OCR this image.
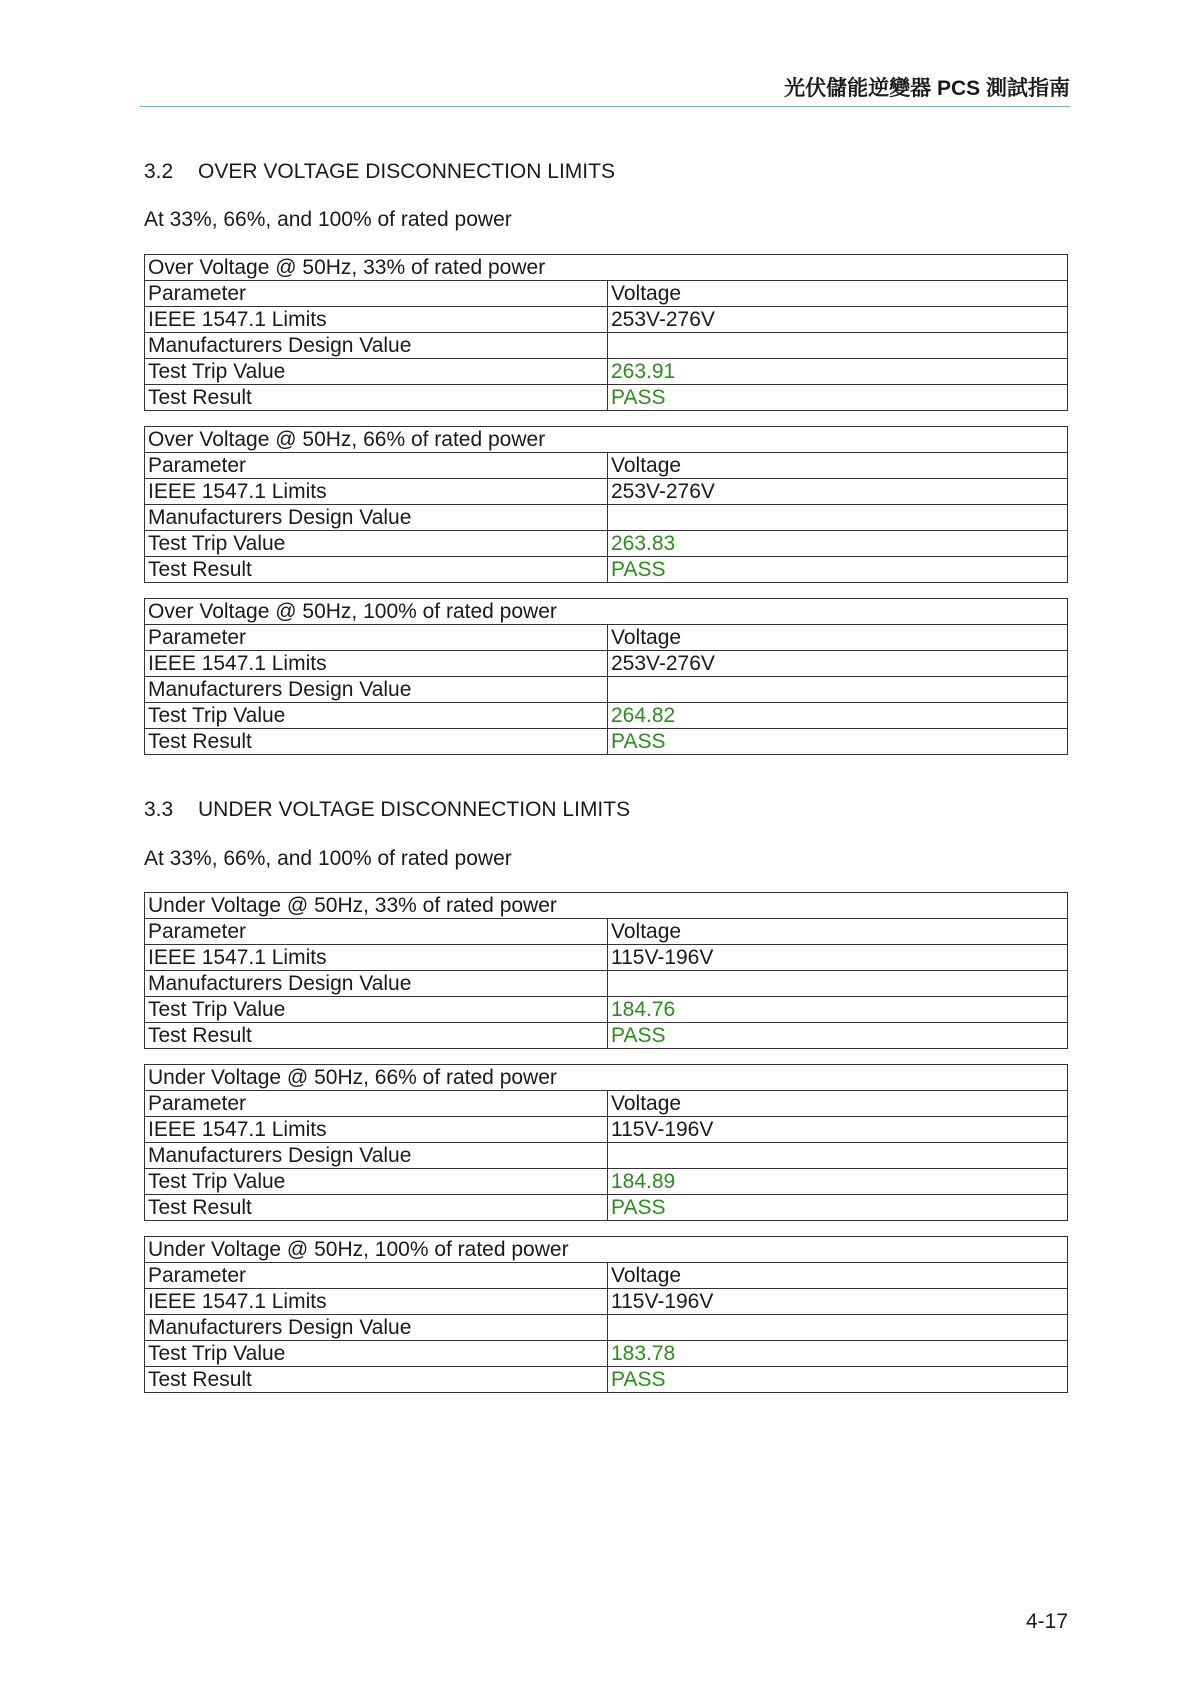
光伏儲能逆變器 PCS 測試指南
3.2 OVER VOLTAGE DISCONNECTION LIMITS
At 33%, 66%, and 100% of rated power
Over Voltage @ 50Hz, 33% of rated power	
Parameter	Voltage
IEEE 1547.1 Limits	253V-276V
Manufacturers Design Value	
Test Trip Value	263.91
Test Result	PASS
Over Voltage @ 50Hz, 66% of rated power	
Parameter	Voltage
IEEE 1547.1 Limits	253V-276V
Manufacturers Design Value	
Test Trip Value	263.83
Test Result	PASS
Over Voltage @ 50Hz, 100% of rated power	
Parameter	Voltage
IEEE 1547.1 Limits	253V-276V
Manufacturers Design Value	
Test Trip Value	264.82
Test Result	PASS
3.3 UNDER VOLTAGE DISCONNECTION LIMITS
At 33%, 66%, and 100% of rated power
Under Voltage @ 50Hz, 33% of rated power	
Parameter	Voltage
IEEE 1547.1 Limits	115V-196V
Manufacturers Design Value	
Test Trip Value	184.76
Test Result	PASS
Under Voltage @ 50Hz, 66% of rated power	
Parameter	Voltage
IEEE 1547.1 Limits	115V-196V
Manufacturers Design Value	
Test Trip Value	184.89
Test Result	PASS
Under Voltage @ 50Hz, 100% of rated power	
Parameter	Voltage
IEEE 1547.1 Limits	115V-196V
Manufacturers Design Value	
Test Trip Value	183.78
Test Result	PASS
4-17
